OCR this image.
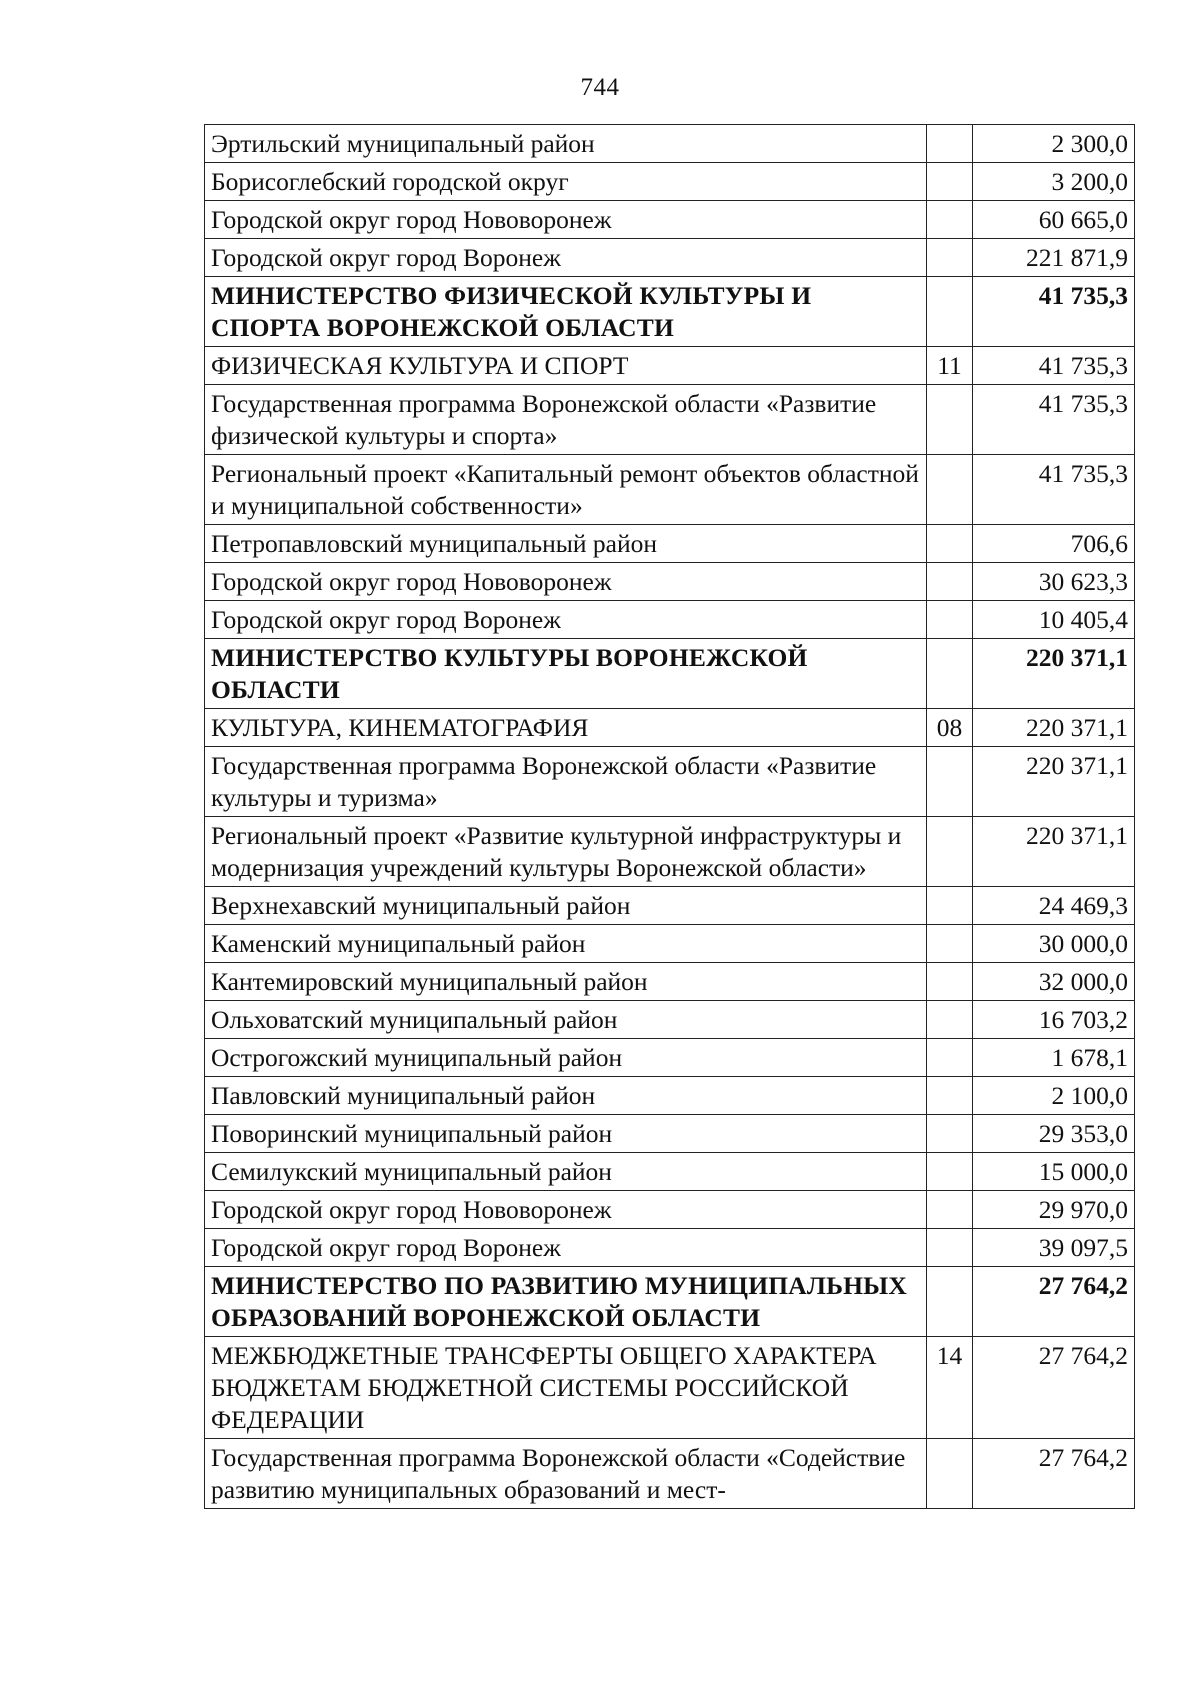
744
Эртильский муниципальный район		2 300,0
Борисоглебский городской округ		3 200,0
Городской округ город Нововоронеж		60 665,0
Городской округ город Воронеж		221 871,9
МИНИСТЕРСТВО ФИЗИЧЕСКОЙ КУЛЬТУРЫ И СПОРТА ВОРОНЕЖСКОЙ ОБЛАСТИ		41 735,3
ФИЗИЧЕСКАЯ КУЛЬТУРА И СПОРТ	11	41 735,3
Государственная программа Воронежской области «Развитие физической культуры и спорта»		41 735,3
Региональный проект «Капитальный ремонт объектов областной и муниципальной собственности»		41 735,3
Петропавловский муниципальный район		706,6
Городской округ город Нововоронеж		30 623,3
Городской округ город Воронеж		10 405,4
МИНИСТЕРСТВО КУЛЬТУРЫ ВОРОНЕЖСКОЙ ОБЛАСТИ		220 371,1
КУЛЬТУРА, КИНЕМАТОГРАФИЯ	08	220 371,1
Государственная программа Воронежской области «Развитие культуры и туризма»		220 371,1
Региональный проект «Развитие культурной инфраструктуры и модернизация учреждений культуры Воронежской области»		220 371,1
Верхнехавский муниципальный район		24 469,3
Каменский муниципальный район		30 000,0
Кантемировский муниципальный район		32 000,0
Ольховатский муниципальный район		16 703,2
Острогожский муниципальный район		1 678,1
Павловский муниципальный район		2 100,0
Поворинский муниципальный район		29 353,0
Семилукский муниципальный район		15 000,0
Городской округ город Нововоронеж		29 970,0
Городской округ город Воронеж		39 097,5
МИНИСТЕРСТВО ПО РАЗВИТИЮ МУНИЦИПАЛЬНЫХ ОБРАЗОВАНИЙ ВОРОНЕЖСКОЙ ОБЛАСТИ		27 764,2
МЕЖБЮДЖЕТНЫЕ ТРАНСФЕРТЫ ОБЩЕГО ХАРАКТЕРА БЮДЖЕТАМ БЮДЖЕТНОЙ СИСТЕМЫ РОССИЙСКОЙ ФЕДЕРАЦИИ	14	27 764,2
Государственная программа Воронежской области «Содействие развитию муниципальных образований и мест-		27 764,2
